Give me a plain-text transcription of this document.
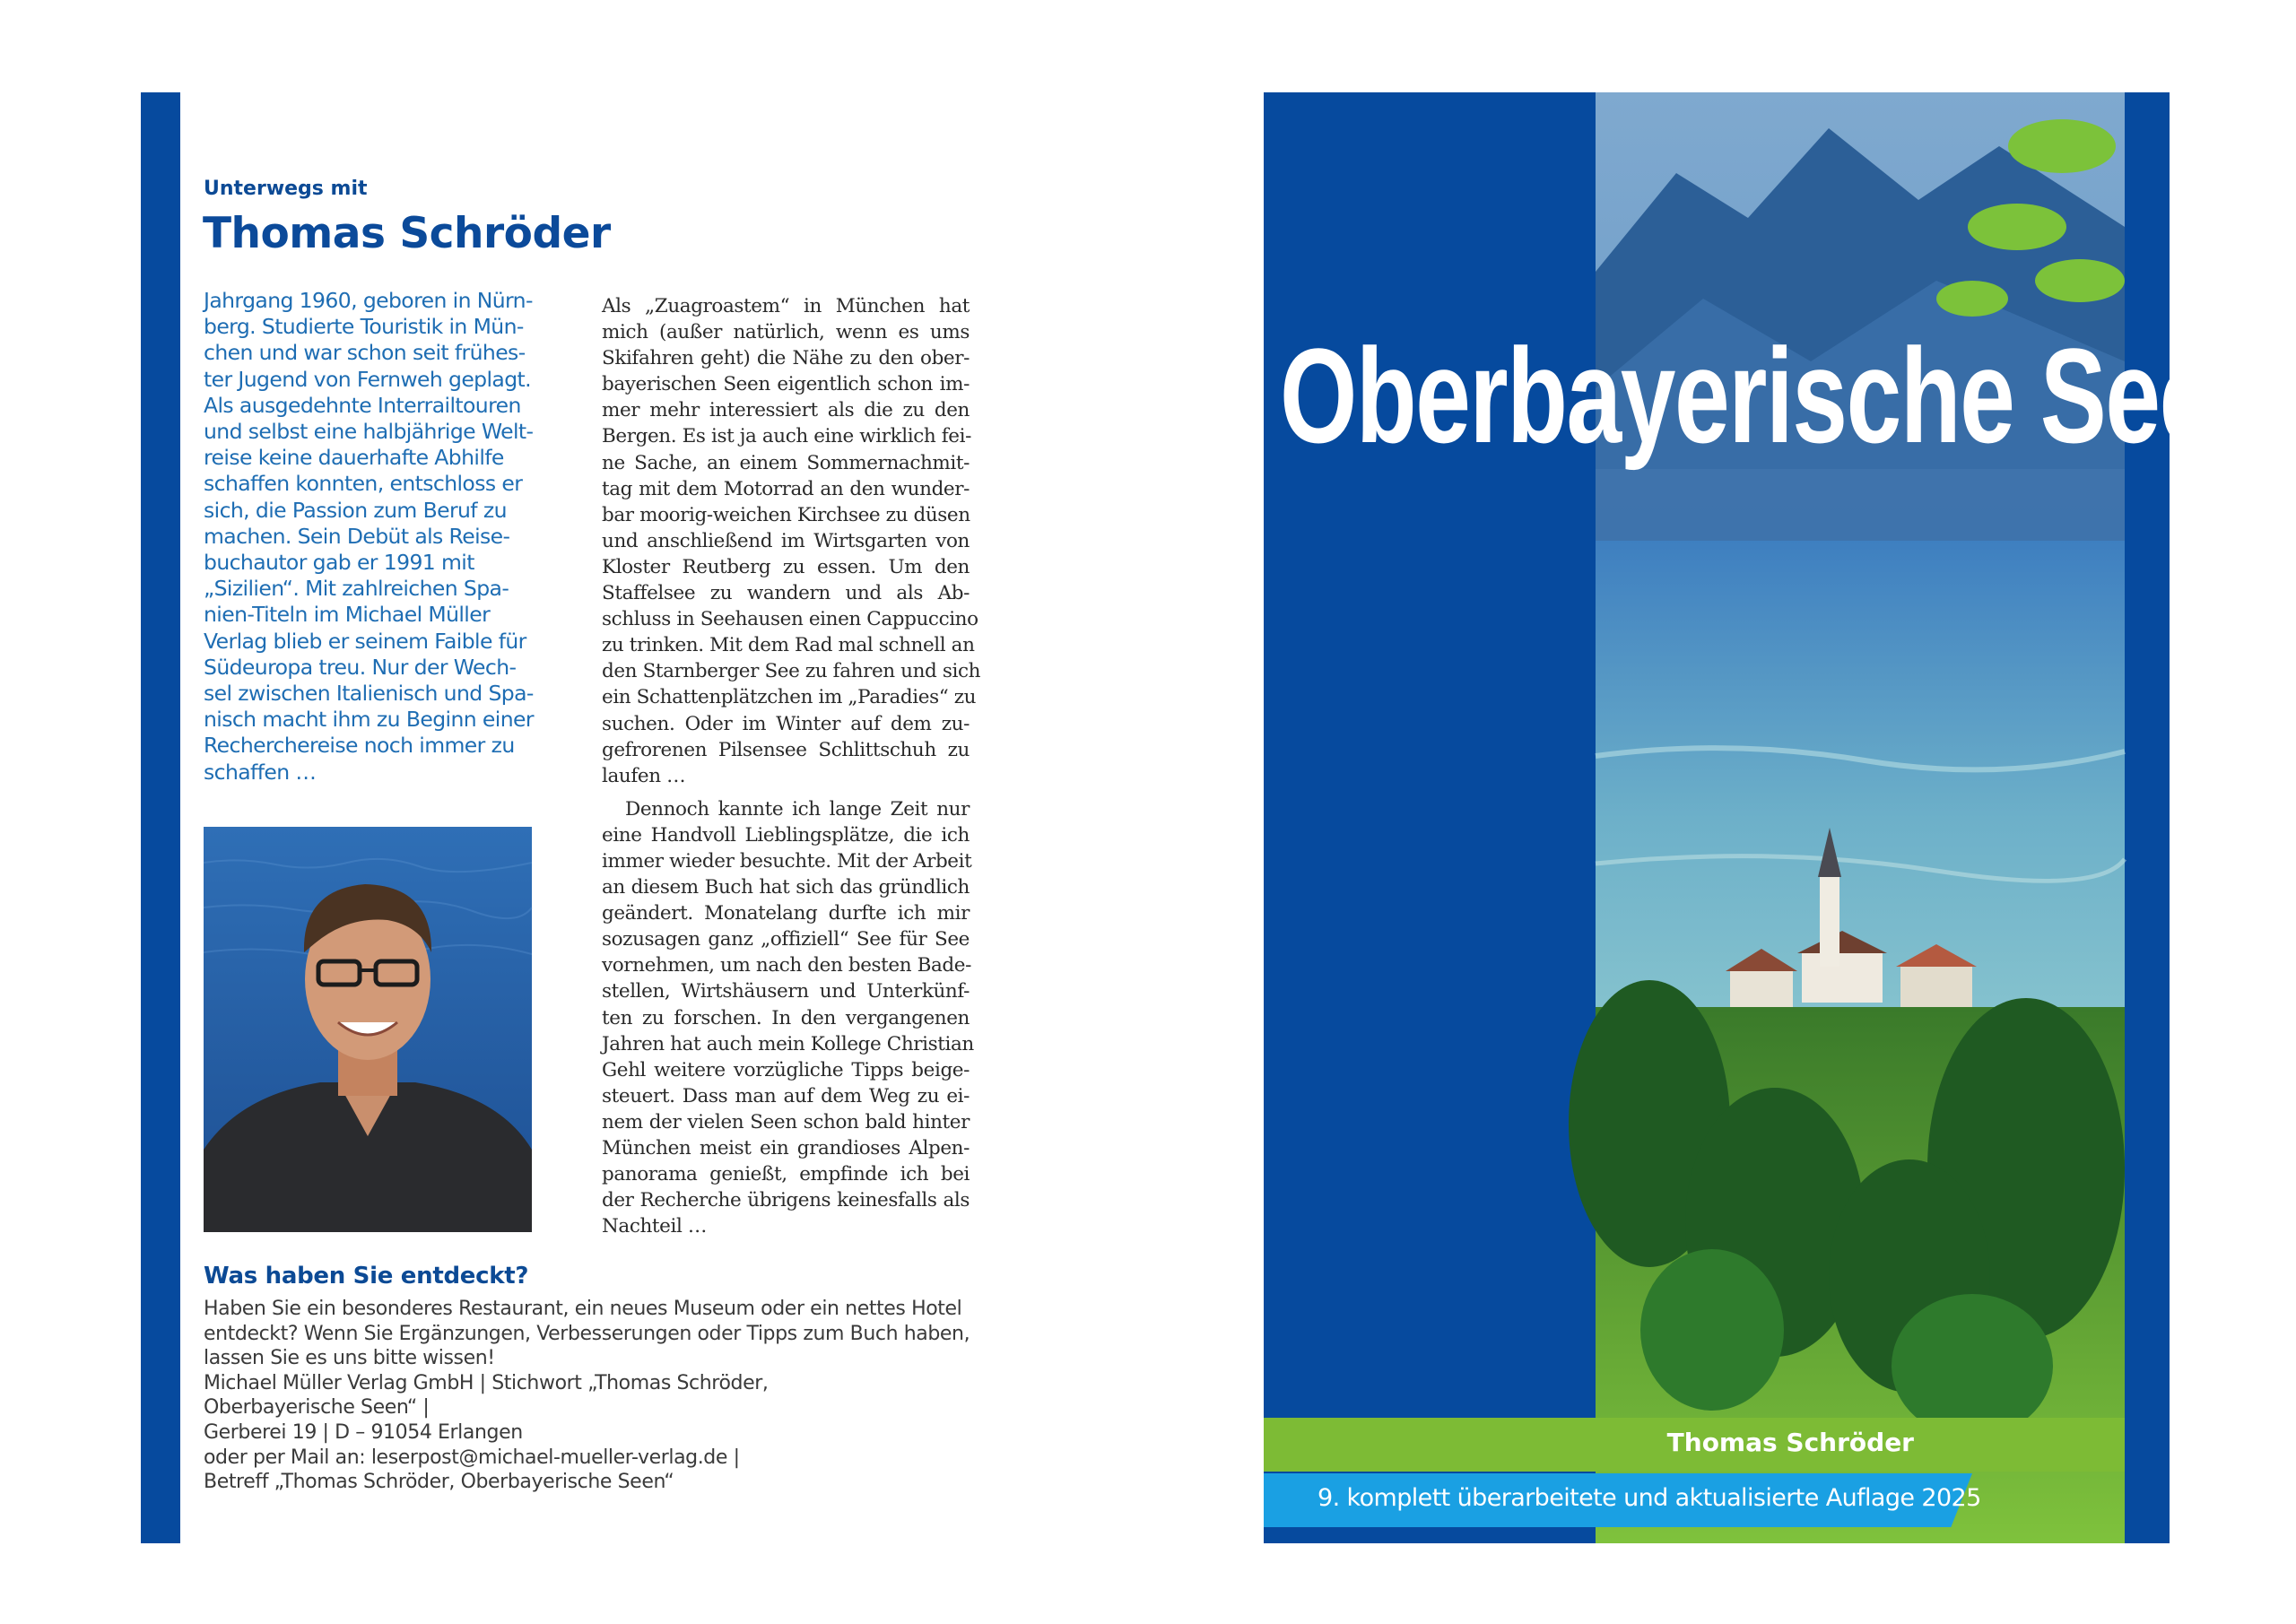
Unterwegs mit
Thomas Schröder
Jahrgang 1960, geboren in Nürn-
berg. Studierte Touristik in Mün-
chen und war schon seit frühes-
ter Jugend von Fernweh geplagt.
Als ausgedehnte Interrailtouren
und selbst eine halbjährige Welt-
reise keine dauerhafte Abhilfe
schaffen konnten, entschloss er
sich, die Passion zum Beruf zu
machen. Sein Debüt als Reise-
buchautor gab er 1991 mit
„Sizilien“. Mit zahlreichen Spa-
nien-Titeln im Michael Müller
Verlag blieb er seinem Faible für
Südeuropa treu. Nur der Wech-
sel zwischen Italienisch und Spa-
nisch macht ihm zu Beginn einer
Recherchereise noch immer zu
schaffen …
Als „Zuagroastem“ in München hat
mich (außer natürlich, wenn es ums
Skifahren geht) die Nähe zu den ober-
bayerischen Seen eigentlich schon im-
mer mehr interessiert als die zu den
Bergen. Es ist ja auch eine wirklich fei-
ne Sache, an einem Sommernachmit-
tag mit dem Motorrad an den wunder-
bar moorig-weichen Kirchsee zu düsen
und anschließend im Wirtsgarten von
Kloster Reutberg zu essen. Um den
Staffelsee zu wandern und als Ab-
schluss in Seehausen einen Cappuccino
zu trinken. Mit dem Rad mal schnell an
den Starnberger See zu fahren und sich
ein Schattenplätzchen im „Paradies“ zu
suchen. Oder im Winter auf dem zu-
gefrorenen Pilsensee Schlittschuh zu
laufen …
Dennoch kannte ich lange Zeit nur
eine Handvoll Lieblingsplätze, die ich
immer wieder besuchte. Mit der Arbeit
an diesem Buch hat sich das gründlich
geändert. Monatelang durfte ich mir
sozusagen ganz „offiziell“ See für See
vornehmen, um nach den besten Bade-
stellen, Wirtshäusern und Unterkünf-
ten zu forschen. In den vergangenen
Jahren hat auch mein Kollege Christian
Gehl weitere vorzügliche Tipps beige-
steuert. Dass man auf dem Weg zu ei-
nem der vielen Seen schon bald hinter
München meist ein grandioses Alpen-
panorama genießt, empfinde ich bei
der Recherche übrigens keinesfalls als
Nachteil …
Was haben Sie entdeckt?
Haben Sie ein besonderes Restaurant, ein neues Museum oder ein nettes Hotel
entdeckt? Wenn Sie Ergänzungen, Verbesserungen oder Tipps zum Buch haben,
lassen Sie es uns bitte wissen!
Michael Müller Verlag GmbH | Stichwort „Thomas Schröder,
Oberbayerische Seen“ |
Gerberei 19 | D – 91054 Erlangen
oder per Mail an: leserpost@michael-mueller-verlag.de |
Betreff „Thomas Schröder, Oberbayerische Seen“
Oberbayerische Seen
Thomas Schröder
9. komplett überarbeitete und aktualisierte Auflage 2025
